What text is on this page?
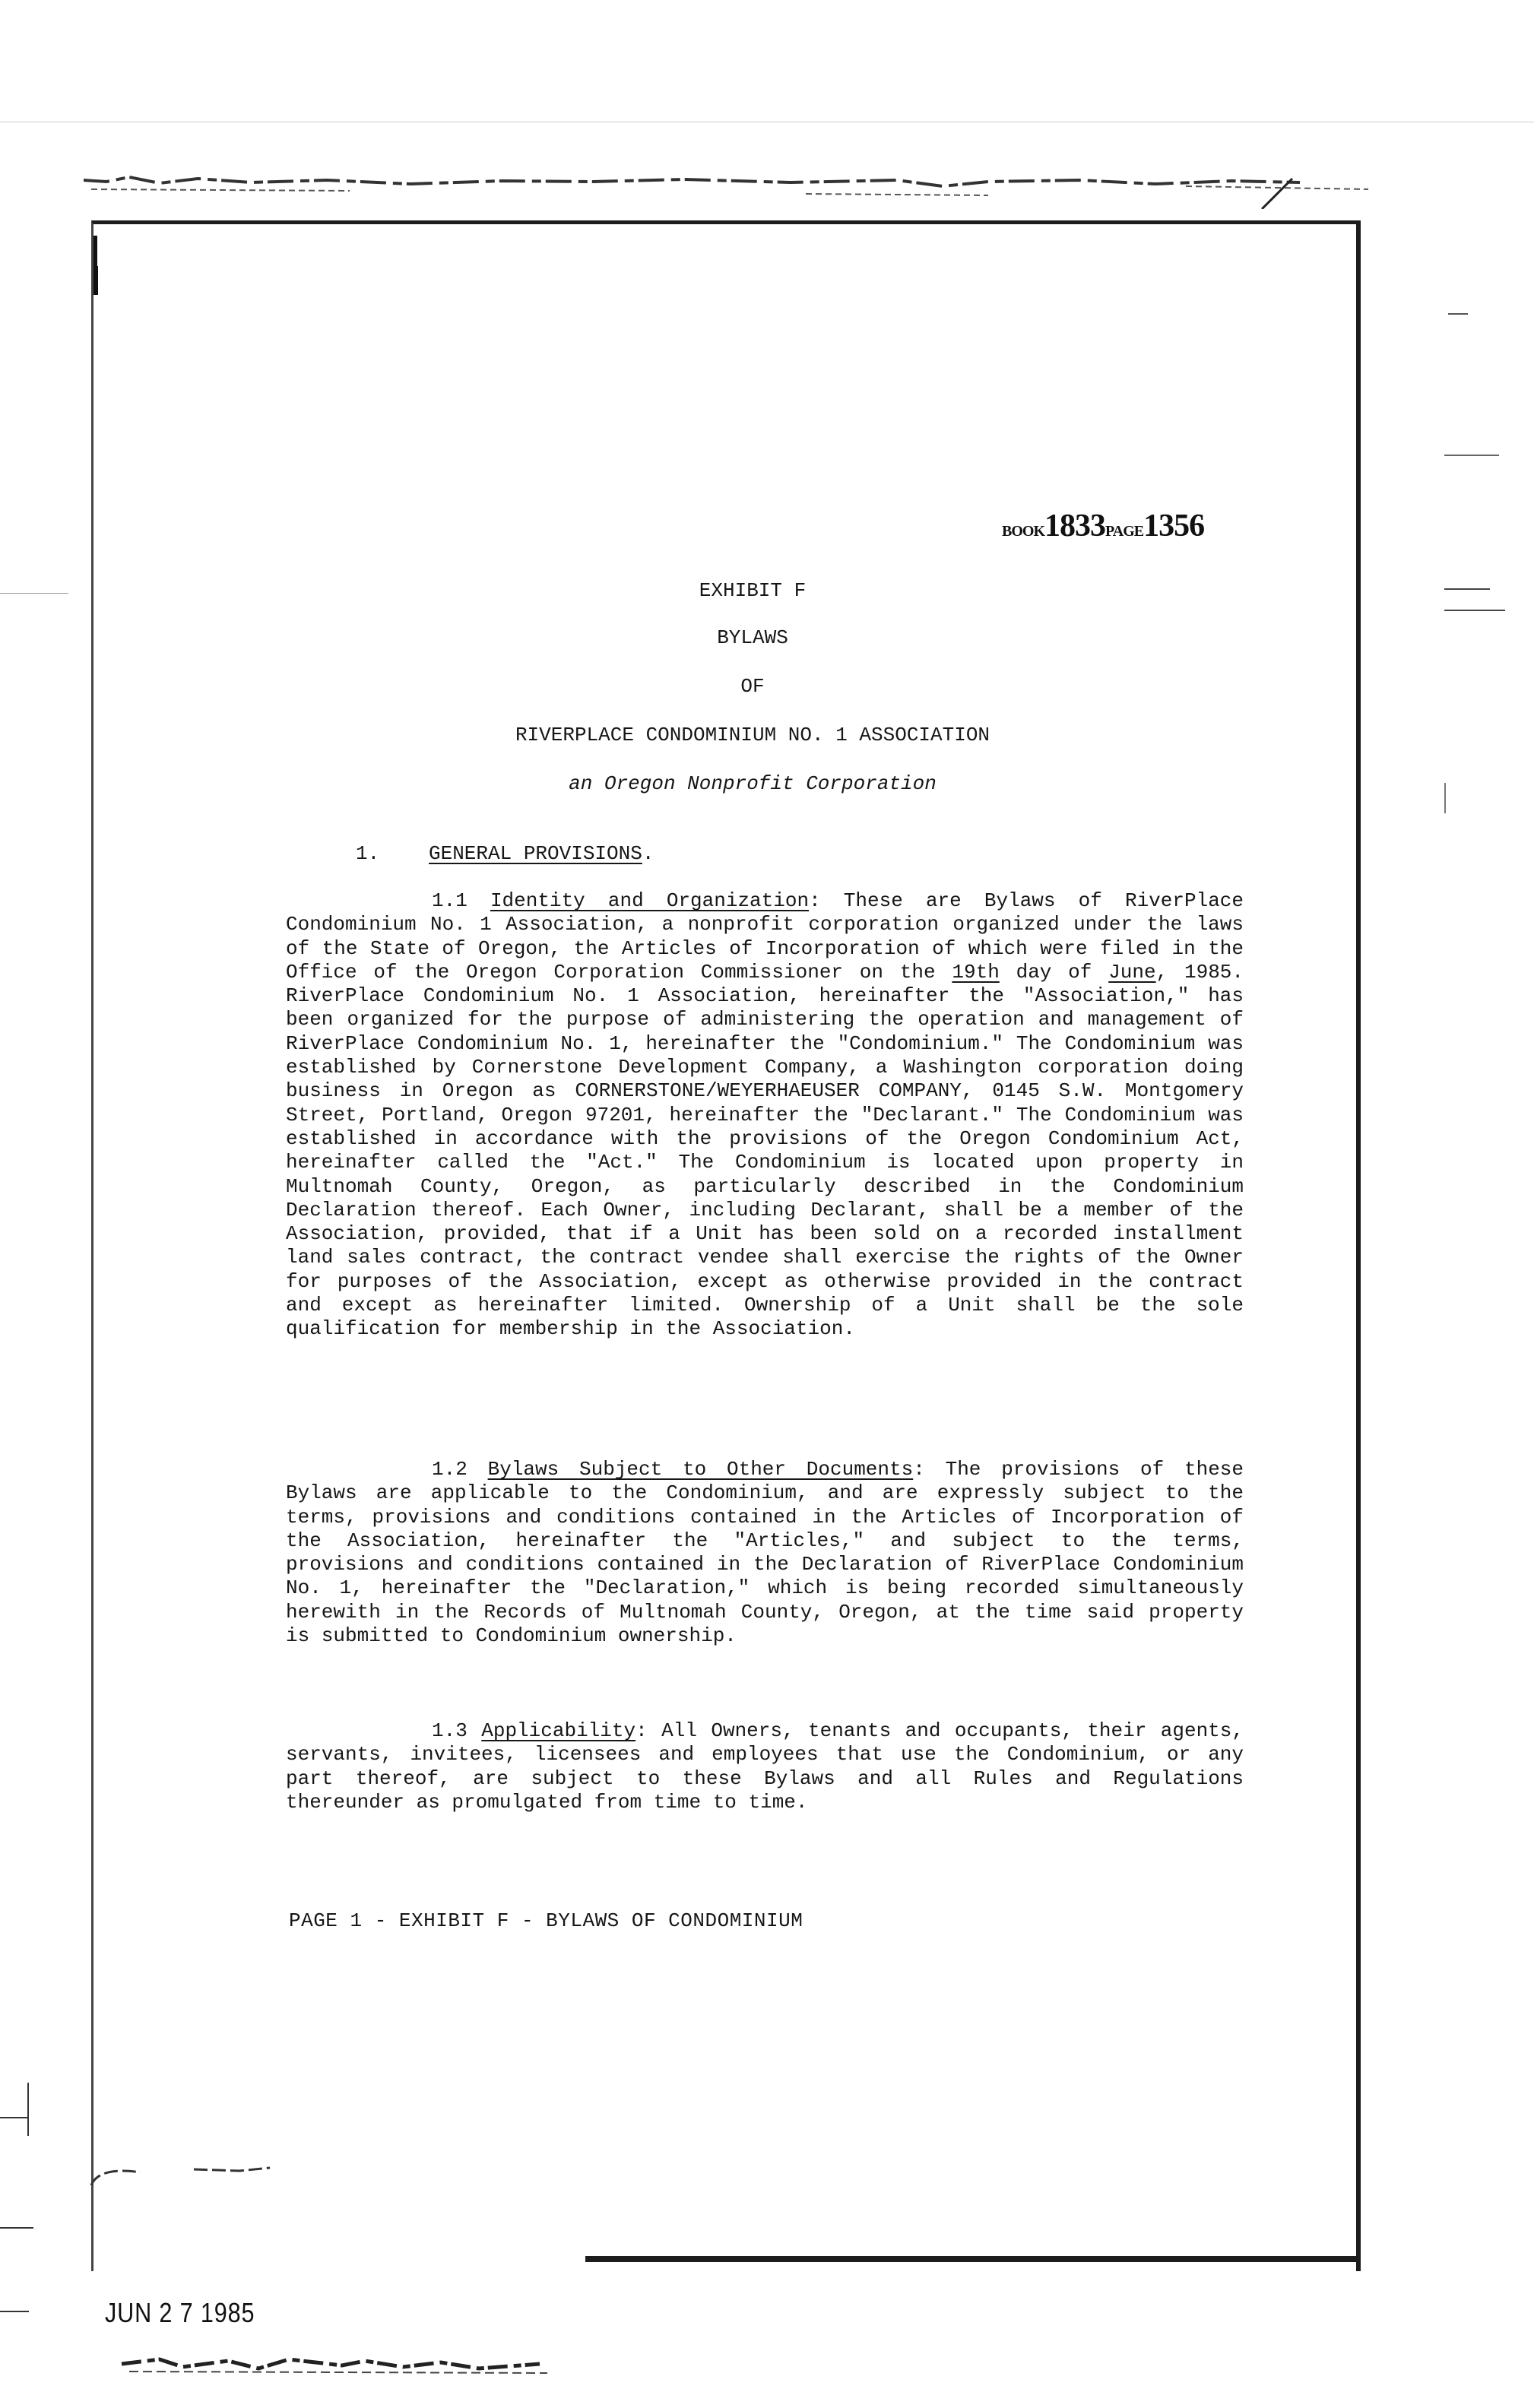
BOOK1833PAGE1356
EXHIBIT F
BYLAWS
OF
RIVERPLACE CONDOMINIUM NO. 1 ASSOCIATION
an Oregon Nonprofit Corporation
1. GENERAL PROVISIONS.
1.1 Identity and Organization: These are Bylaws of RiverPlace Condominium No. 1 Association, a nonprofit corporation organized under the laws of the State of Oregon, the Articles of Incorporation of which were filed in the Office of the Oregon Corporation Commissioner on the 19th day of June, 1985. RiverPlace Condominium No. 1 Association, hereinafter the "Association," has been organized for the purpose of administering the operation and management of RiverPlace Condominium No. 1, hereinafter the "Condominium." The Condominium was established by Cornerstone Development Company, a Washington corporation doing business in Oregon as CORNERSTONE/WEYERHAEUSER COMPANY, 0145 S.W. Montgomery Street, Portland, Oregon 97201, hereinafter the "Declarant." The Condominium was established in accordance with the provisions of the Oregon Condominium Act, hereinafter called the "Act." The Condominium is located upon property in Multnomah County, Oregon, as particularly described in the Condominium Declaration thereof. Each Owner, including Declarant, shall be a member of the Association, provided, that if a Unit has been sold on a recorded installment land sales contract, the contract vendee shall exercise the rights of the Owner for purposes of the Association, except as otherwise provided in the contract and except as hereinafter limited. Ownership of a Unit shall be the sole qualification for membership in the Association.
1.2 Bylaws Subject to Other Documents: The provisions of these Bylaws are applicable to the Condominium, and are expressly subject to the terms, provisions and conditions contained in the Articles of Incorporation of the Association, hereinafter the "Articles," and subject to the terms, provisions and conditions contained in the Declaration of RiverPlace Condominium No. 1, hereinafter the "Declaration," which is being recorded simultaneously herewith in the Records of Multnomah County, Oregon, at the time said property is submitted to Condominium ownership.
1.3 Applicability: All Owners, tenants and occupants, their agents, servants, invitees, licensees and employees that use the Condominium, or any part thereof, are subject to these Bylaws and all Rules and Regulations thereunder as promulgated from time to time.
PAGE 1 - EXHIBIT F - BYLAWS OF CONDOMINIUM
JUN 2 7 1985
